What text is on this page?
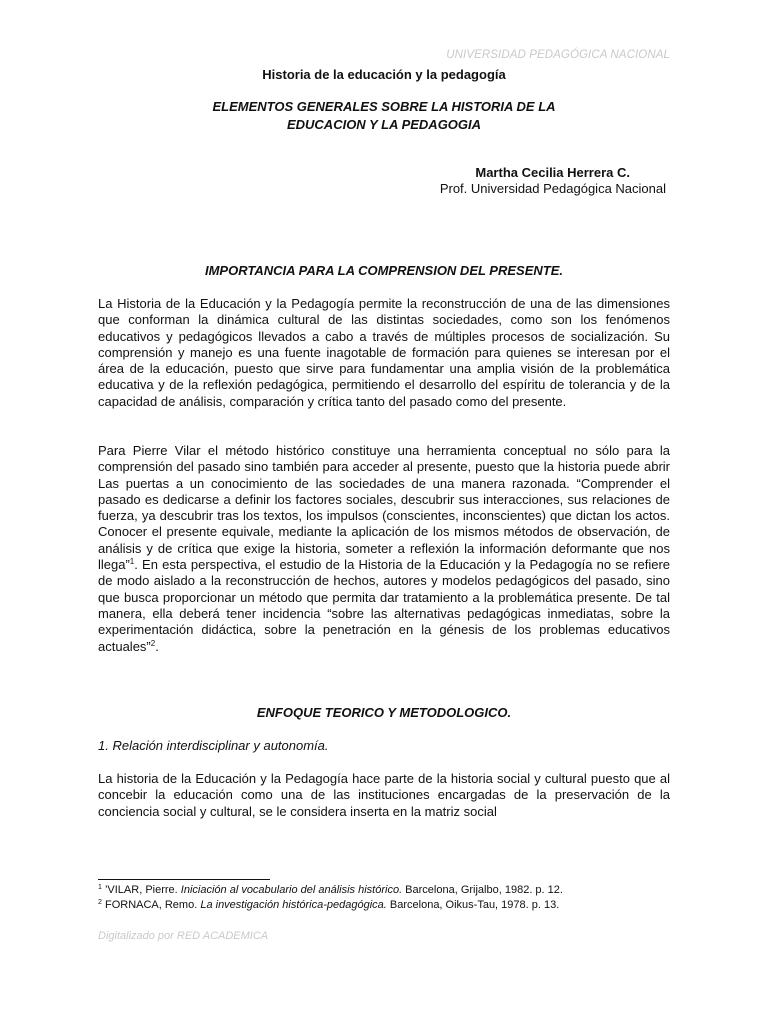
UNIVERSIDAD PEDAGÓGICA NACIONAL
Historia de la educación y la pedagogía
ELEMENTOS GENERALES SOBRE LA HISTORIA DE LA
EDUCACION Y LA PEDAGOGIA
Martha Cecilia Herrera C.
Prof. Universidad Pedagógica Nacional
IMPORTANCIA PARA LA COMPRENSION DEL PRESENTE.

La Historia de la Educación y la Pedagogía permite la reconstrucción de una de las dimensiones que conforman la dinámica cultural de las distintas sociedades, como son los fenómenos educativos y pedagógicos llevados a cabo a través de múltiples procesos de socialización. Su comprensión y manejo es una fuente inagotable de formación para quienes se interesan por el área de la educación, puesto que sirve para fundamentar una amplia visión de la problemática educativa y de la reflexión pedagógica, permitiendo el desarrollo del espíritu de tolerancia y de la capacidad de análisis, comparación y crítica tanto del pasado como del presente.

Para Pierre Vilar el método histórico constituye una herramienta conceptual no sólo para la comprensión del pasado sino también para acceder al presente, puesto que la historia puede abrir Las puertas a un conocimiento de las sociedades de una manera razonada. “Comprender el pasado es dedicarse a definir los factores sociales, descubrir sus interacciones, sus relaciones de fuerza, ya descubrir tras los textos, los impulsos (conscientes, inconscientes) que dictan los actos. Conocer el presente equivale, mediante la aplicación de los mismos métodos de observación, de análisis y de crítica que exige la historia, someter a reflexión la información deformante que nos llega”$^1$. En esta perspectiva, el estudio de la Historia de la Educación y la Pedagogía no se refiere de modo aislado a la reconstrucción de hechos, autores y modelos pedagógicos del pasado, sino que busca proporcionar un método que permita dar tratamiento a la problemática presente. De tal manera, ella deberá tener incidencia “sobre las alternativas pedagógicas inmediatas, sobre la experimentación didáctica, sobre la penetración en la génesis de los problemas educativos actuales”$^2$.

ENFOQUE TEORICO Y METODOLOGICO.
1. Relación interdisciplinar y autonomía.

La historia de la Educación y la Pedagogía hace parte de la historia social y cultural puesto que al concebir la educación como una de las instituciones encargadas de la preservación de la conciencia social y cultural, se le considera inserta en la matriz social

$^1$ ’VILAR, Pierre. Iniciación al vocabulario del análisis histórico. Barcelona, Grijalbo, 1982. p. 12.
$^2$ FORNACA, Remo. La investigación histórica-pedagógica. Barcelona, Oikus-Tau, 1978. p. 13.
Digitalizado por RED ACADEMICA
